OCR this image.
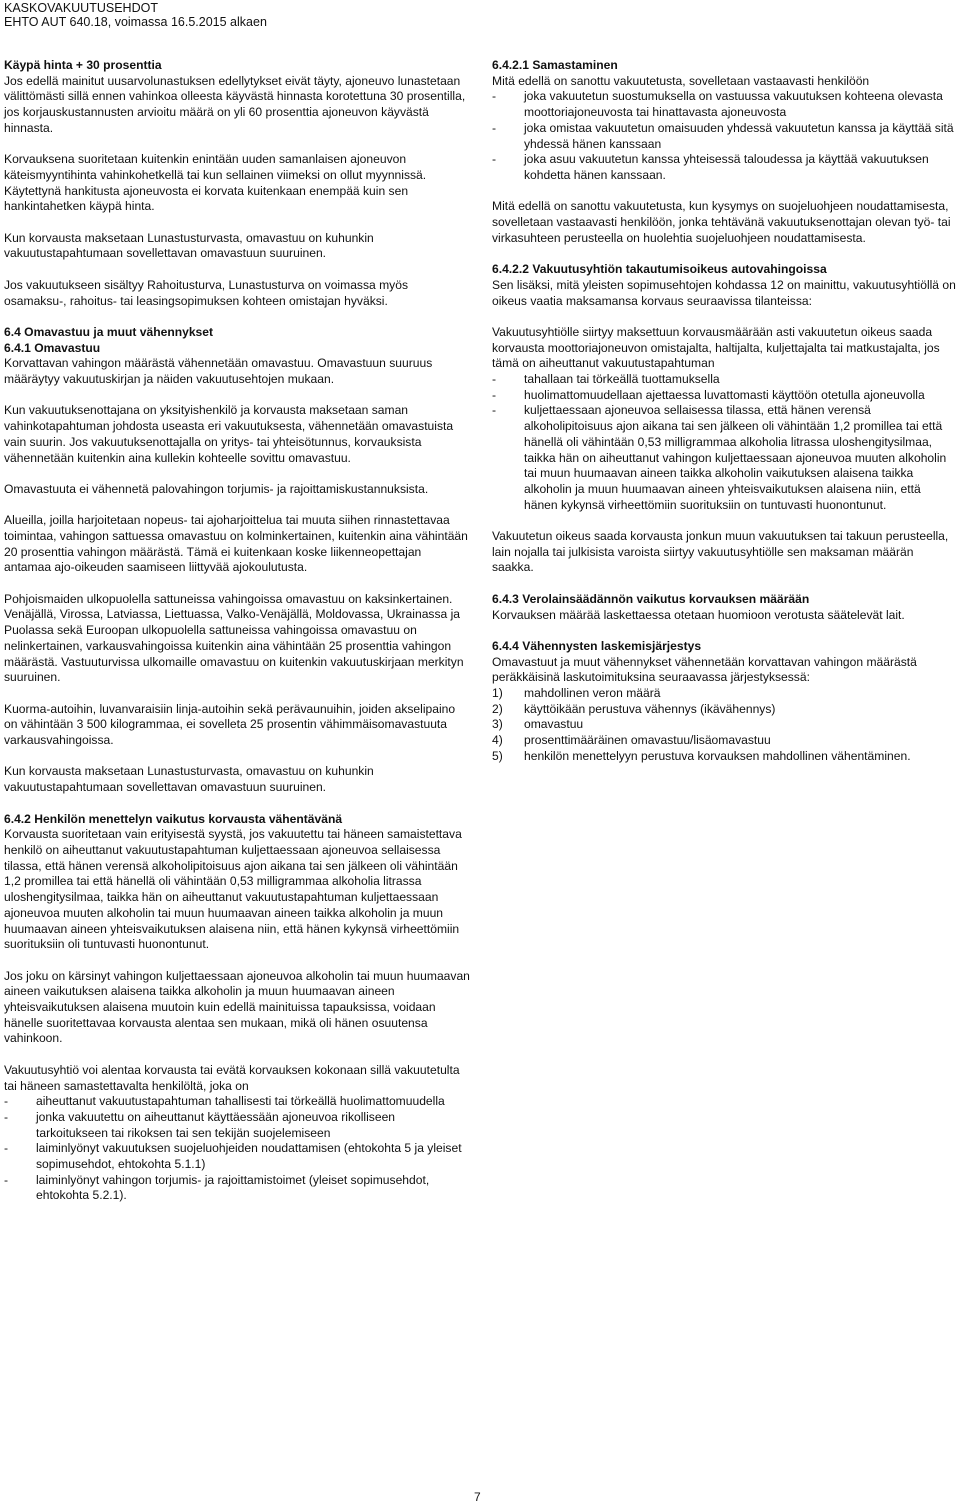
KASKOVAKUUTUSEHDOT
EHTO AUT 640.18, voimassa 16.5.2015 alkaen
Käypä hinta + 30 prosenttia

Jos edellä mainitut uusarvolunastuksen edellytykset eivät täyty, ajoneuvo lunastetaan välittömästi sillä ennen vahinkoa olleesta käyvästä hinnasta korotettuna 30 prosentilla, jos korjauskustannusten arvioitu määrä on yli 60 prosenttia ajoneuvon käyvästä hinnasta.

Korvauksena suoritetaan kuitenkin enintään uuden samanlaisen ajoneuvon käteismyyntihinta vahinkohetkellä tai kun sellainen viimeksi on ollut myynnissä. Käytettynä hankitusta ajoneuvosta ei korvata kuitenkaan enempää kuin sen hankintahetken käypä hinta.

Kun korvausta maksetaan Lunastusturvasta, omavastuu on kuhunkin vakuutustapahtumaan sovellettavan omavastuun suuruinen.

Jos vakuutukseen sisältyy Rahoitusturva, Lunastusturva on voimassa myös osamaksu-, rahoitus- tai leasingsopimuksen kohteen omistajan hyväksi.

6.4 Omavastuu ja muut vähennykset
6.4.1 Omavastuu

Korvattavan vahingon määrästä vähennetään omavastuu. Omavastuun suuruus määräytyy vakuutuskirjan ja näiden vakuutusehtojen mukaan.

Kun vakuutuksenottajana on yksityishenkilö ja korvausta maksetaan saman vahinkotapahtuman johdosta useasta eri vakuutuksesta, vähennetään omavastuista vain suurin. Jos vakuutuksenottajalla on yritys- tai yhteisötunnus, korvauksista vähennetään kuitenkin aina kullekin kohteelle sovittu omavastuu.

Omavastuuta ei vähennetä palovahingon torjumis- ja rajoittamiskustannuksista.

Alueilla, joilla harjoitetaan nopeus- tai ajoharjoittelua tai muuta siihen rinnastettavaa toimintaa, vahingon sattuessa omavastuu on kolminkertainen, kuitenkin aina vähintään 20 prosenttia vahingon määrästä. Tämä ei kuitenkaan koske liikenneopettajan antamaa ajo-oikeuden saamiseen liittyvää ajokoulutusta.

Pohjoismaiden ulkopuolella sattuneissa vahingoissa omavastuu on kaksinkertainen. Venäjällä, Virossa, Latviassa, Liettuassa, Valko-Venäjällä, Moldovassa, Ukrainassa ja Puolassa sekä Euroopan ulkopuolella sattuneissa vahingoissa omavastuu on nelinkertainen, varkausvahingoissa kuitenkin aina vähintään 25 prosenttia vahingon määrästä. Vastuuturvissa ulkomaille omavastuu on kuitenkin vakuutuskirjaan merkityn suuruinen.

Kuorma-autoihin, luvanvaraisiin linja-autoihin sekä perävaunuihin, joiden akselipaino on vähintään 3 500 kilogrammaa, ei sovelleta 25 prosentin vähimmäisomavastuuta varkausvahingoissa.

Kun korvausta maksetaan Lunastusturvasta, omavastuu on kuhunkin vakuutustapahtumaan sovellettavan omavastuun suuruinen.

6.4.2 Henkilön menettelyn vaikutus korvausta vähentävänä

Korvausta suoritetaan vain erityisestä syystä, jos vakuutettu tai häneen samaistettava henkilö on aiheuttanut vakuutustapahtuman kuljettaessaan ajoneuvoa sellaisessa tilassa, että hänen verensä alkoholipitoisuus ajon aikana tai sen jälkeen oli vähintään 1,2 promillea tai että hänellä oli vähintään 0,53 milligrammaa alkoholia litrassa uloshengitysilmaa, taikka hän on aiheuttanut vakuutustapahtuman kuljettaessaan ajoneuvoa muuten alkoholin tai muun huumaavan aineen taikka alkoholin ja muun huumaavan aineen yhteisvaikutuksen alaisena niin, että hänen kykynsä virheettömiin suorituksiin oli tuntuvasti huonontunut.

Jos joku on kärsinyt vahingon kuljettaessaan ajoneuvoa alkoholin tai muun huumaavan aineen vaikutuksen alaisena taikka alkoholin ja muun huumaavan aineen yhteisvaikutuksen alaisena muutoin kuin edellä mainituissa tapauksissa, voidaan hänelle suoritettavaa korvausta alentaa sen mukaan, mikä oli hänen osuutensa vahinkoon.

Vakuutusyhtiö voi alentaa korvausta tai evätä korvauksen kokonaan sillä vakuutetulta tai häneen samastettavalta henkilöltä, joka on
- aiheuttanut vakuutustapahtuman tahallisesti tai törkeällä huolimattomuudella
- jonka vakuutettu on aiheuttanut käyttäessään ajoneuvoa rikolliseen tarkoitukseen tai rikoksen tai sen tekijän suojelemiseen
- laiminlyönyt vakuutuksen suojeluohjeiden noudattamisen (ehtokohta 5 ja yleiset sopimusehdot, ehtokohta 5.1.1)
- laiminlyönyt vahingon torjumis- ja rajoittamistoimet (yleiset sopimusehdot, ehtokohta 5.2.1).
6.4.2.1 Samastaminen
Mitä edellä on sanottu vakuutetusta, sovelletaan vastaavasti henkilöön
- joka vakuutetun suostumuksella on vastuussa vakuutuksen kohteena olevasta moottoriajoneuvosta tai hinattavasta ajoneuvosta
- joka omistaa vakuutetun omaisuuden yhdessä vakuutetun kanssa ja käyttää sitä yhdessä hänen kanssaan
- joka asuu vakuutetun kanssa yhteisessä taloudessa ja käyttää vakuutuksen kohdetta hänen kanssaan.

Mitä edellä on sanottu vakuutetusta, kun kysymys on suojeluohjeen noudattamisesta, sovelletaan vastaavasti henkilöön, jonka tehtävänä vakuutuksenottajan olevan työ- tai virkasuhteen perusteella on huolehtia suojeluohjeen noudattamisesta.

6.4.2.2 Vakuutusyhtiön takautumisoikeus autovahingoissa

Sen lisäksi, mitä yleisten sopimusehtojen kohdassa 12 on mainittu, vakuutusyhtiöllä on oikeus vaatia maksamansa korvaus seuraavissa tilanteissa:

Vakuutusyhtiölle siirtyy maksettuun korvausmäärään asti vakuutetun oikeus saada korvausta moottoriajoneuvon omistajalta, haltijalta, kuljettajalta tai matkustajalta, jos tämä on aiheuttanut vakuutustapahtuman
- tahallaan tai törkeällä tuottamuksella
- huolimattomuudellaan ajettaessa luvattomasti käyttöön otetulla ajoneuvolla
- kuljettaessaan ajoneuvoa sellaisessa tilassa, että hänen verensä alkoholipitoisuus ajon aikana tai sen jälkeen oli vähintään 1,2 promillea tai että hänellä oli vähintään 0,53 milligrammaa alkoholia litrassa uloshengitysilmaa, taikka hän on aiheuttanut vahingon kuljettaessaan ajoneuvoa muuten alkoholin tai muun huumaavan aineen taikka alkoholin vaikutuksen alaisena taikka alkoholin ja muun huumaavan aineen yhteisvaikutuksen alaisena niin, että hänen kykynsä virheettömiin suorituksiin on tuntuvasti huonontunut.

Vakuutetun oikeus saada korvausta jonkun muun vakuutuksen tai takuun perusteella, lain nojalla tai julkisista varoista siirtyy vakuutusyhtiölle sen maksaman määrän saakka.

6.4.3 Verolainsäädännön vaikutus korvauksen määrään

Korvauksen määrää laskettaessa otetaan huomioon verotusta säätelevät lait.

6.4.4 Vähennysten laskemisjärjestys
Omavastuut ja muut vähennykset vähennetään korvattavan vahingon määrästä peräkkäisinä laskutoimituksina seuraavassa järjestyksessä:
1) mahdollinen veron määrä
2) käyttöikään perustuva vähennys (ikävähennys)
3) omavastuu
4) prosenttimääräinen omavastuu/lisäomavastuu
5) henkilön menettelyyn perustuva korvauksen mahdollinen vähentäminen.
7
